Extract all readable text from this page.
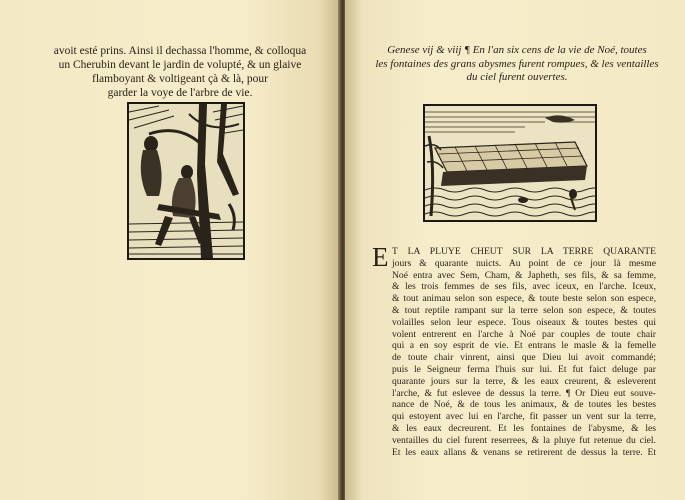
avoit esté prins. Ainsi il dechassa l'homme, & colloqua
un Cherubin devant le jardin de volupté, & un glaive
flamboyant & voltigeant çà & là, pour
garder la voye de l'arbre de vie.
Genese vij & viij ¶ En l'an six cens de la vie de Noé, toutes
les fontaines des grans abysmes furent rompues, & les ventailles
du ciel furent ouvertes.
E T LA PLUYE CHEUT SUR LA TERRE QUARANTE
jours & quarante nuicts. Au point de ce jour là mesme
Noé entra avec Sem, Cham, & Japheth, ses fils, & sa femme,
& les trois femmes de ses fils, avec iceux, en l'arche. Iceux,
& tout animau selon son espece, & toute beste selon son espece,
& tout reptile rampant sur la terre selon son espece, & toutes
volailles selon leur espece. Tous oiseaux & toutes bestes qui
volent entrerent en l'arche à Noé par couples de toute chair
qui a en soy esprit de vie. Et entrans le masle & la femelle
de toute chair vinrent, ainsi que Dieu lui avoit commandé;
puis le Seigneur ferma l'huis sur lui. Et fut faict deluge par
quarante jours sur la terre, & les eaux creurent, & esleverent
l'arche, & fut eslevee de dessus la terre. ¶ Or Dieu eut souve-
nance de Noé, & de tous les animaux, & de toutes les bestes
qui estoyent avec lui en l'arche, fit passer un vent sur la terre,
& les eaux decreurent. Et les fontaines de l'abysme, & les
ventailles du ciel furent reserrees, & la pluye fut retenue du ciel.
Et les eaux allans & venans se retirerent de dessus la terre. Et
